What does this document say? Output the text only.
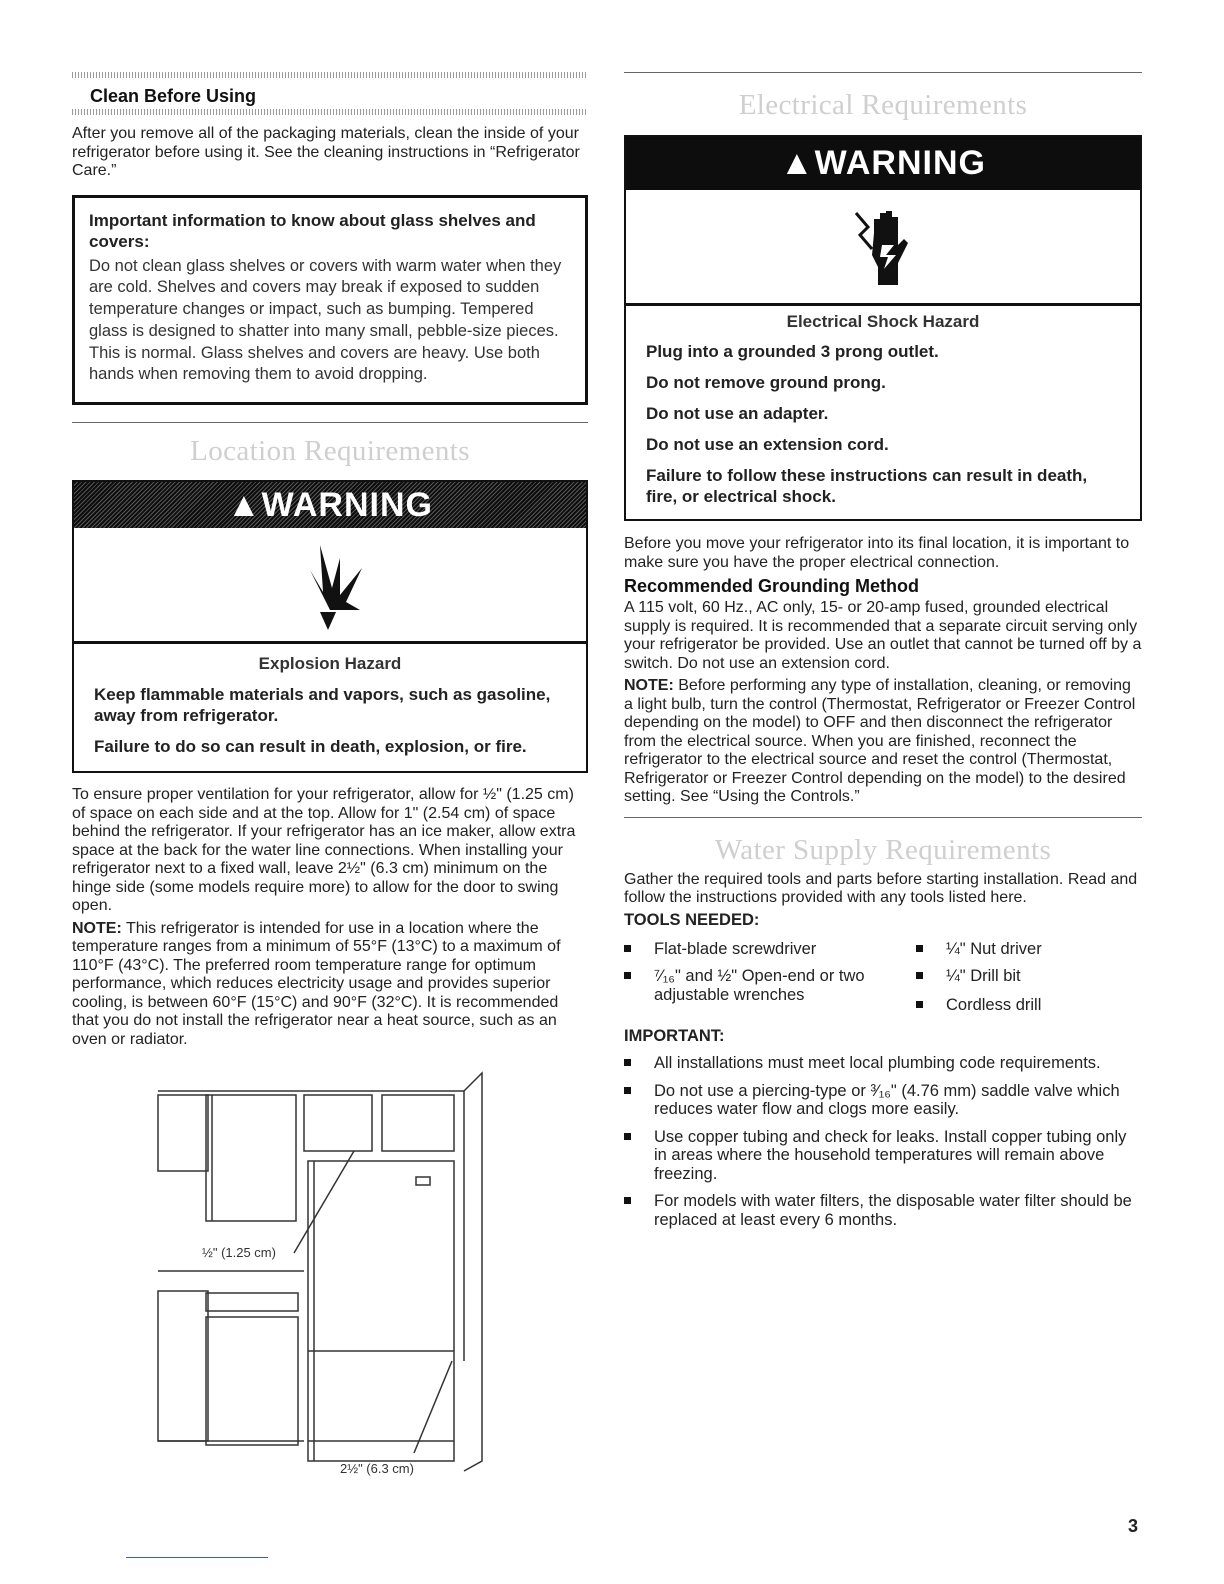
Clean Before Using

After you remove all of the packaging materials, clean the inside of your refrigerator before using it. See the cleaning instructions in “Refrigerator Care.”

Important information to know about glass shelves and covers:

Do not clean glass shelves or covers with warm water when they are cold. Shelves and covers may break if exposed to sudden temperature changes or impact, such as bumping. Tempered glass is designed to shatter into many small, pebble-size pieces. This is normal. Glass shelves and covers are heavy. Use both hands when removing them to avoid dropping.

Location Requirements
▲WARNING
Explosion Hazard
Keep flammable materials and vapors, such as gasoline, away from refrigerator.
Failure to do so can result in death, explosion, or fire.

To ensure proper ventilation for your refrigerator, allow for ½" (1.25 cm) of space on each side and at the top. Allow for 1" (2.54 cm) of space behind the refrigerator. If your refrigerator has an ice maker, allow extra space at the back for the water line connections. When installing your refrigerator next to a fixed wall, leave 2½" (6.3 cm) minimum on the hinge side (some models require more) to allow for the door to swing open.

NOTE: This refrigerator is intended for use in a location where the temperature ranges from a minimum of 55°F (13°C) to a maximum of 110°F (43°C). The preferred room temperature range for optimum performance, which reduces electricity usage and provides superior cooling, is between 60°F (15°C) and 90°F (32°C). It is recommended that you do not install the refrigerator near a heat source, such as an oven or radiator.

½" (1.25 cm)
2½" (6.3 cm)
Electrical Requirements
▲WARNING
Electrical Shock Hazard
Plug into a grounded 3 prong outlet.
Do not remove ground prong.
Do not use an adapter.
Do not use an extension cord.
Failure to follow these instructions can result in death, fire, or electrical shock.

Before you move your refrigerator into its final location, it is important to make sure you have the proper electrical connection.

Recommended Grounding Method

A 115 volt, 60 Hz., AC only, 15- or 20-amp fused, grounded electrical supply is required. It is recommended that a separate circuit serving only your refrigerator be provided. Use an outlet that cannot be turned off by a switch. Do not use an extension cord.

NOTE: Before performing any type of installation, cleaning, or removing a light bulb, turn the control (Thermostat, Refrigerator or Freezer Control depending on the model) to OFF and then disconnect the refrigerator from the electrical source. When you are finished, reconnect the refrigerator to the electrical source and reset the control (Thermostat, Refrigerator or Freezer Control depending on the model) to the desired setting. See “Using the Controls.”

Water Supply Requirements

Gather the required tools and parts before starting installation. Read and follow the instructions provided with any tools listed here.

TOOLS NEEDED:
Flat-blade screwdriver
⁷⁄₁₆" and ½" Open-end or two adjustable wrenches
¼" Nut driver
¼" Drill bit
Cordless drill
IMPORTANT:
All installations must meet local plumbing code requirements.
Do not use a piercing-type or ³⁄₁₆" (4.76 mm) saddle valve which reduces water flow and clogs more easily.
Use copper tubing and check for leaks. Install copper tubing only in areas where the household temperatures will remain above freezing.
For models with water filters, the disposable water filter should be replaced at least every 6 months.
3
